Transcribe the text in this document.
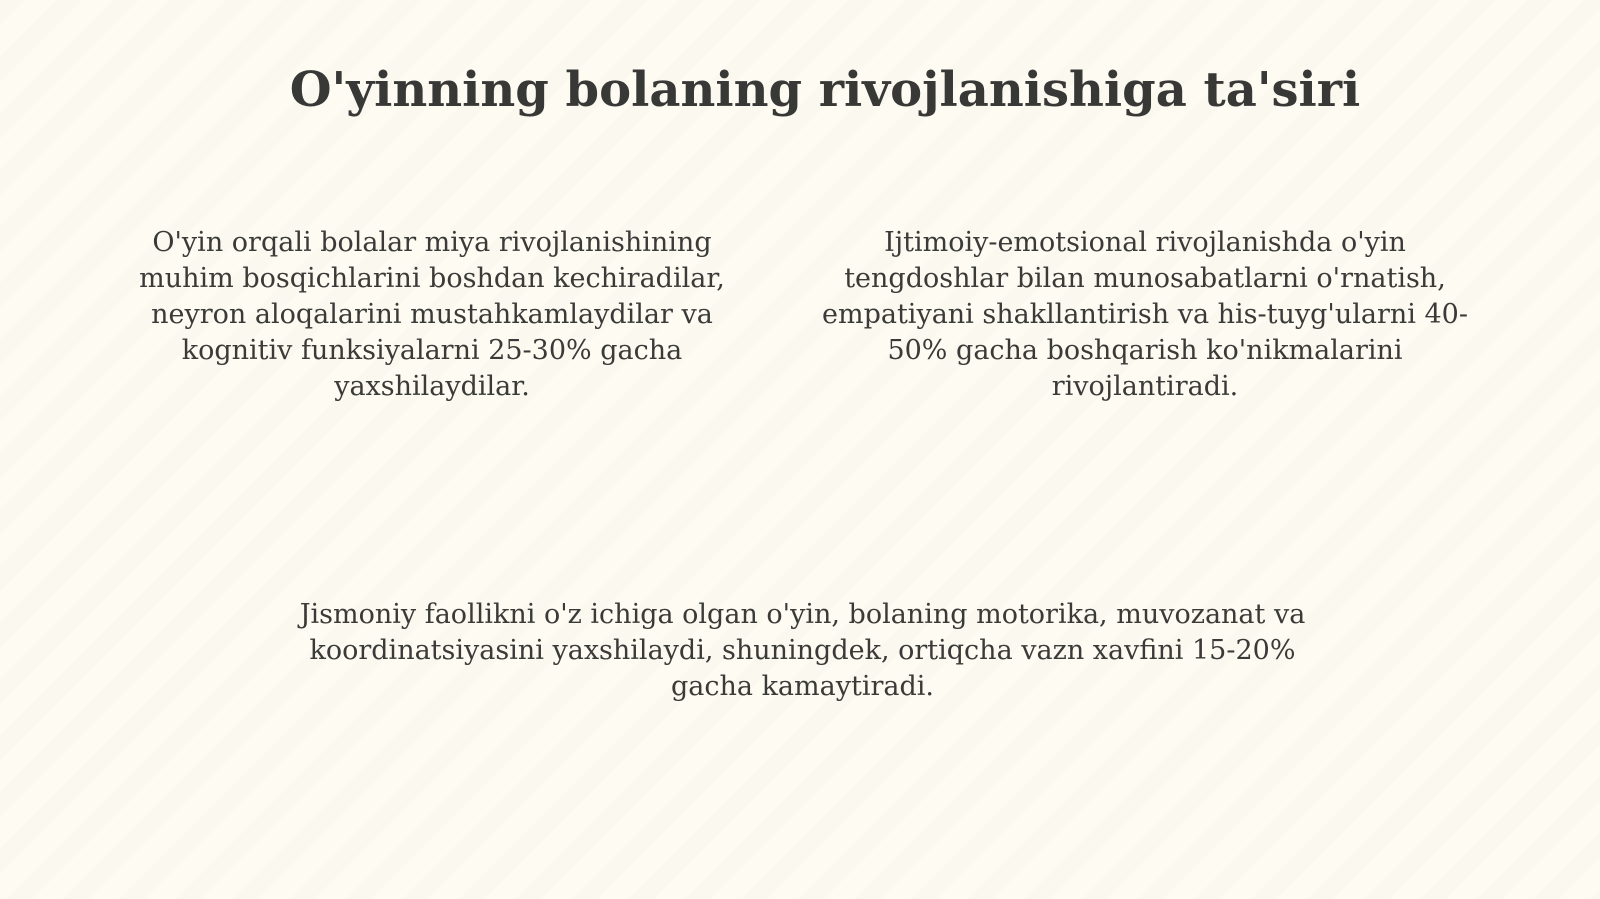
O'yinning bolaning rivojlanishiga ta'siri

O'yin orqali bolalar miya rivojlanishining muhim bosqichlarini boshdan kechiradilar, neyron aloqalarini mustahkamlaydilar va kognitiv funksiyalarni 25-30% gacha yaxshilaydilar.

Ijtimoiy-emotsional rivojlanishda o'yin tengdoshlar bilan munosabatlarni o'rnatish, empatiyani shakllantirish va his-tuyg'ularni 40-50% gacha boshqarish ko'nikmalarini rivojlantiradi.

Jismoniy faollikni o'z ichiga olgan o'yin, bolaning motorika, muvozanat va koordinatsiyasini yaxshilaydi, shuningdek, ortiqcha vazn xavfini 15-20% gacha kamaytiradi.
